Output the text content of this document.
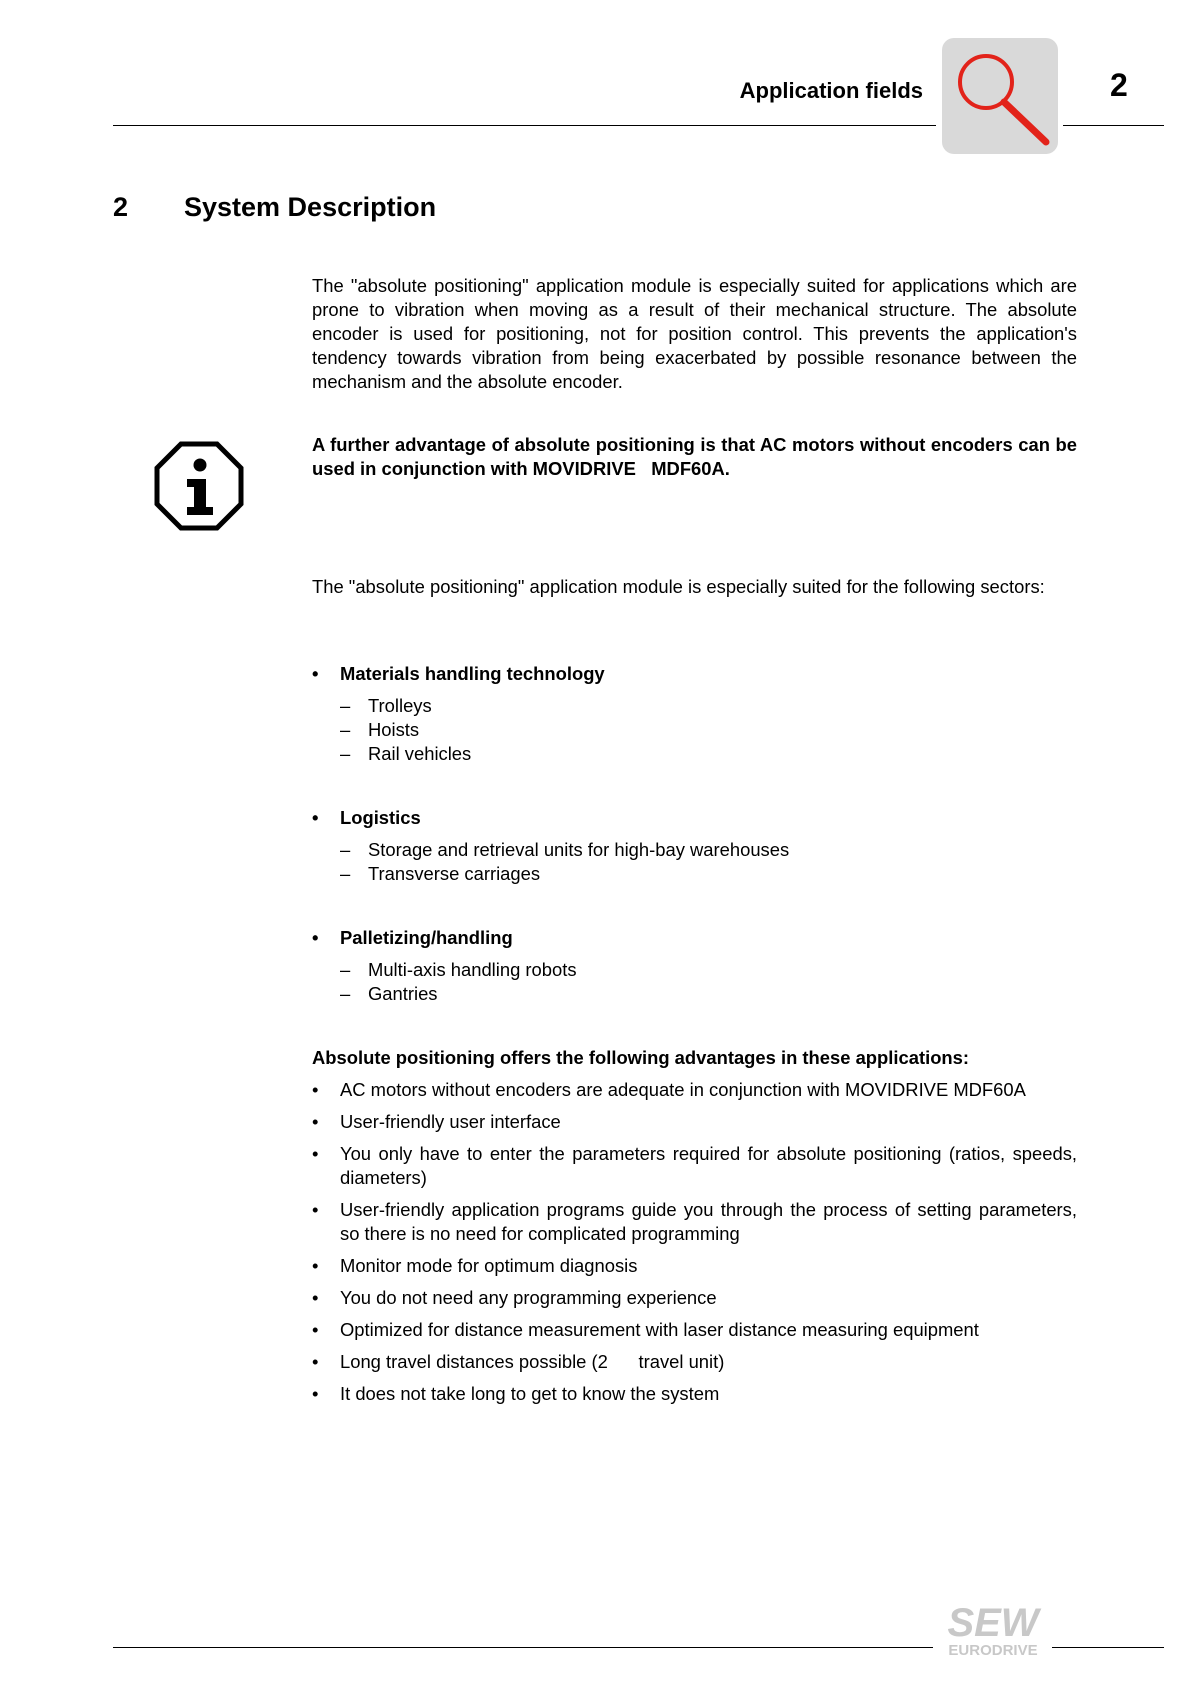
Application fields	2
2 System Description
The "absolute positioning" application module is especially suited for applications which are prone to vibration when moving as a result of their mechanical structure. The absolute encoder is used for positioning, not for position control. This prevents the application's tendency towards vibration from being exacerbated by possible resonance between the mechanism and the absolute encoder.
A further advantage of absolute positioning is that AC motors without encoders can be used in conjunction with MOVIDRIVE   MDF60A.
The "absolute positioning" application module is especially suited for the following sectors:
• Materials handling technology
– Trolleys
– Hoists
– Rail vehicles
• Logistics
– Storage and retrieval units for high-bay warehouses
– Transverse carriages
• Palletizing/handling
– Multi-axis handling robots
– Gantries
Absolute positioning offers the following advantages in these applications:
• AC motors without encoders are adequate in conjunction with MOVIDRIVE MDF60A
• User-friendly user interface
• You only have to enter the parameters required for absolute positioning (ratios, speeds, diameters)
• User-friendly application programs guide you through the process of setting parameters, so there is no need for complicated programming
• Monitor mode for optimum diagnosis
• You do not need any programming experience
• Optimized for distance measurement with laser distance measuring equipment
• Long travel distances possible (2      travel unit)
• It does not take long to get to know the system
SEW
EURODRIVE
